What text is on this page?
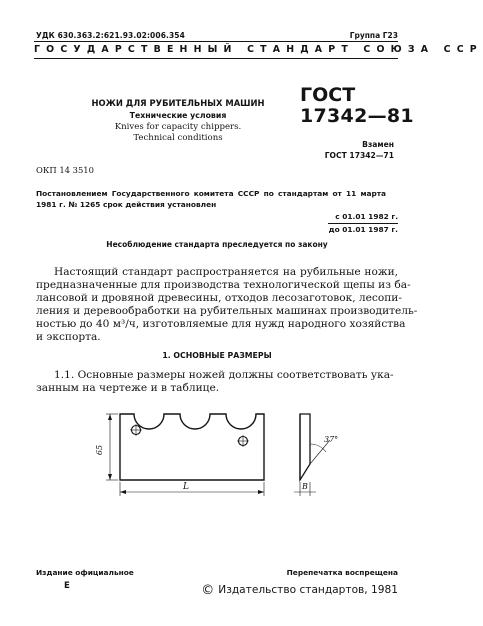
УДК 630.363.2:621.93.02:006.354	Группа Г23
ГОСУДАРСТВЕННЫЙ СТАНДАРТ СОЮЗА ССР
НОЖИ ДЛЯ РУБИТЕЛЬНЫХ МАШИН
Технические условия
Knives for capacity chippers.
Technical conditions
ГОСТ
17342—81
Взамен
ГОСТ 17342—71
ОКП 14 3510
Постановлением Государственного комитета СССР по стандартам от 11 марта
1981 г. № 1265 срок действия установлен
с 01.01 1982 г.
до 01.01 1987 г.
Несоблюдение стандарта преследуется по закону
Настоящий стандарт распространяется на рубильные ножи,
предназначенные для производства технологической щепы из ба-
лансовой и дровяной древесины, отходов лесозаготовок, лесопи-
ления и деревообработки на рубительных машинах производитель-
ностью до 40 м³/ч, изготовляемые для нужд народного хозяйства
и экспорта.
1. ОСНОВНЫЕ РАЗМЕРЫ
1.1. Основные размеры ножей должны соответствовать ука-
занным на чертеже и в таблице.
65
L
37°
B
Издание официальное	Перепечатка воспрещена
Е	© Издательство стандартов, 1981
